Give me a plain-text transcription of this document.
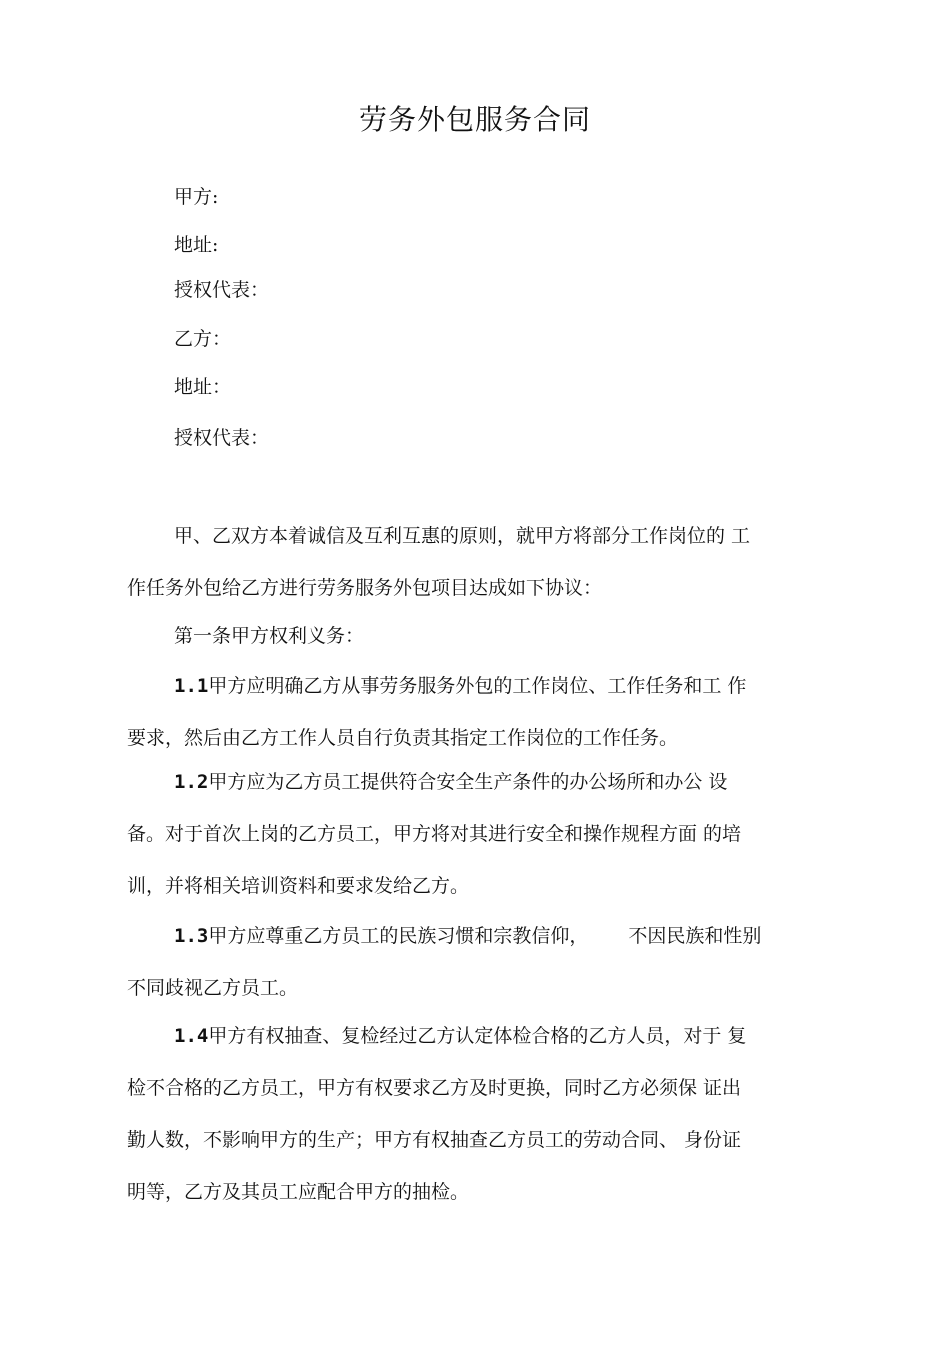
劳务外包服务合同
甲方:
地址:
授权代表：
乙方：
地址：
授权代表：
甲、乙双方本着诚信及互利互惠的原则，就甲方将部分工作岗位的 工
作任务外包给乙方进行劳务服务外包项目达成如下协议：
第一条甲方权利义务：
1.1甲方应明确乙方从事劳务服务外包的工作岗位、工作任务和工 作
要求，然后由乙方工作人员自行负责其指定工作岗位的工作任务。
1.2甲方应为乙方员工提供符合安全生产条件的办公场所和办公 设
备。对于首次上岗的乙方员工，甲方将对其进行安全和操作规程方面 的培
训，并将相关培训资料和要求发给乙方。
1.3甲方应尊重乙方员工的民族习惯和宗教信仰， 不因民族和性别
不同歧视乙方员工。
1.4甲方有权抽查、复检经过乙方认定体检合格的乙方人员，对于 复
检不合格的乙方员工，甲方有权要求乙方及时更换，同时乙方必须保 证出
勤人数，不影响甲方的生产；甲方有权抽查乙方员工的劳动合同、 身份证
明等，乙方及其员工应配合甲方的抽检。
